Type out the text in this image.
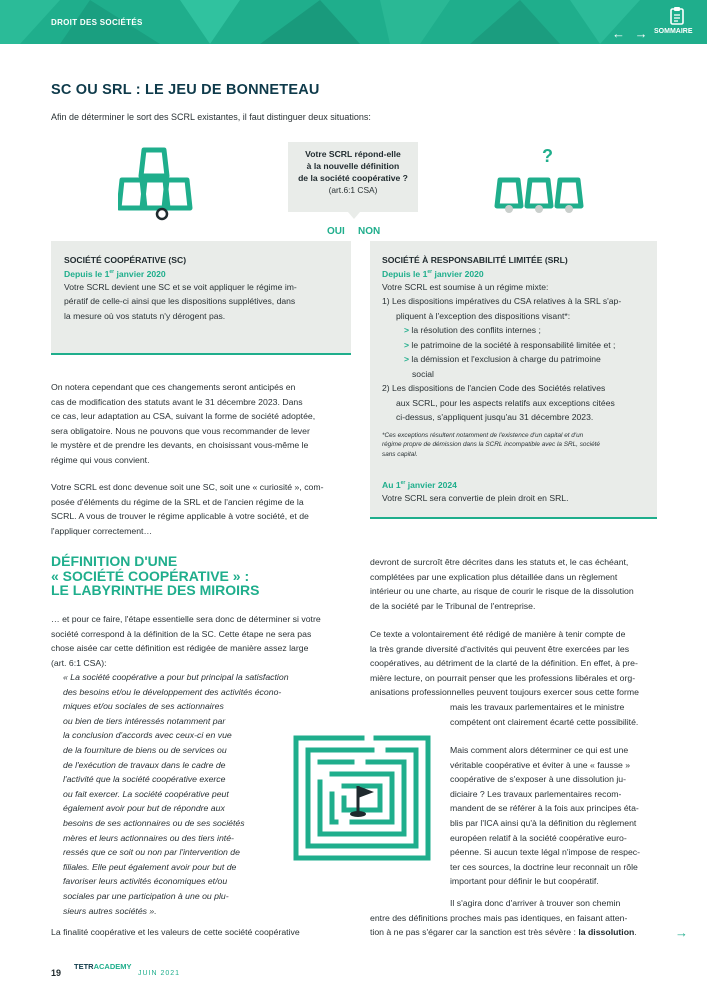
DROIT DES SOCIÉTÉS
← → SOMMAIRE
SC OU SRL : LE JEU DE BONNETEAU
Afin de déterminer le sort des SCRL existantes, il faut distinguer deux situations:
Votre SCRL répond-elle
à la nouvelle définition
de la société coopérative ?
(art.6:1 CSA)
?
OUI NON
SOCIÉTÉ COOPÉRATIVE (SC)
Depuis le 1er janvier 2020
Votre SCRL devient une SC et se voit appliquer le régime im-
pératif de celle-ci ainsi que les dispositions supplétives, dans
la mesure où vos statuts n'y dérogent pas.
SOCIÉTÉ À RESPONSABILITÉ LIMITÉE (SRL)
Depuis le 1er janvier 2020
Votre SCRL est soumise à un régime mixte:
1) Les dispositions impératives du CSA relatives à la SRL s'ap-
pliquent à l'exception des dispositions visant*:
> la résolution des conflits internes ;
> le patrimoine de la société à responsabilité limitée et ;
> la démission et l'exclusion à charge du patrimoine
social
2) Les dispositions de l'ancien Code des Sociétés relatives
aux SCRL, pour les aspects relatifs aux exceptions citées
ci-dessus, s'appliquent jusqu'au 31 décembre 2023.
*Ces exceptions résultent notamment de l'existence d'un capital et d'un
régime propre de démission dans la SCRL incompatible avec la SRL, société
sans capital.
Au 1er janvier 2024
Votre SCRL sera convertie de plein droit en SRL.
On notera cependant que ces changements seront anticipés en
cas de modification des statuts avant le 31 décembre 2023. Dans
ce cas, leur adaptation au CSA, suivant la forme de société adoptée,
sera obligatoire. Nous ne pouvons que vous recommander de lever
le mystère et de prendre les devants, en choisissant vous-même le
régime qui vous convient.
Votre SCRL est donc devenue soit une SC, soit une « curiosité », com-
posée d'éléments du régime de la SRL et de l'ancien régime de la
SCRL. A vous de trouver le régime applicable à votre société, et de
l'appliquer correctement…
DÉFINITION D'UNE
« SOCIÉTÉ COOPÉRATIVE » :
LE LABYRINTHE DES MIROIRS
… et pour ce faire, l'étape essentielle sera donc de déterminer si votre
société correspond à la définition de la SC. Cette étape ne sera pas
chose aisée car cette définition est rédigée de manière assez large
(art. 6:1 CSA):
« La société coopérative a pour but principal la satisfaction
des besoins et/ou le développement des activités écono-
miques et/ou sociales de ses actionnaires
ou bien de tiers intéressés notamment par
la conclusion d'accords avec ceux-ci en vue
de la fourniture de biens ou de services ou
de l'exécution de travaux dans le cadre de
l'activité que la société coopérative exerce
ou fait exercer. La société coopérative peut
également avoir pour but de répondre aux
besoins de ses actionnaires ou de ses sociétés
mères et leurs actionnaires ou des tiers inté-
ressés que ce soit ou non par l'intervention de
filiales. Elle peut également avoir pour but de
favoriser leurs activités économiques et/ou
sociales par une participation à une ou plu-
sieurs autres sociétés ».
La finalité coopérative et les valeurs de cette société coopérative
devront de surcroît être décrites dans les statuts et, le cas échéant,
complétées par une explication plus détaillée dans un règlement
intérieur ou une charte, au risque de courir le risque de la dissolution
de la société par le Tribunal de l'entreprise.
Ce texte a volontairement été rédigé de manière à tenir compte de
la très grande diversité d'activités qui peuvent être exercées par les
coopératives, au détriment de la clarté de la définition. En effet, à pre-
mière lecture, on pourrait penser que les professions libérales et org-
anisations professionnelles peuvent toujours exercer sous cette forme
mais les travaux parlementaires et le ministre
compétent ont clairement écarté cette possibilité.
Mais comment alors déterminer ce qui est une
véritable coopérative et éviter à une « fausse »
coopérative de s'exposer à une dissolution ju-
diciaire ? Les travaux parlementaires recom-
mandent de se référer à la fois aux principes éta-
blis par l'ICA ainsi qu'à la définition du règlement
européen relatif à la société coopérative euro-
péenne. Si aucun texte légal n'impose de respec-
ter ces sources, la doctrine leur reconnait un rôle
important pour définir le but coopératif.
Il s'agira donc d'arriver à trouver son chemin
entre des définitions proches mais pas identiques, en faisant atten-
tion à ne pas s'égarer car la sanction est très sévère : la dissolution.	→
19
TETRACADEMY
JUIN 2021
